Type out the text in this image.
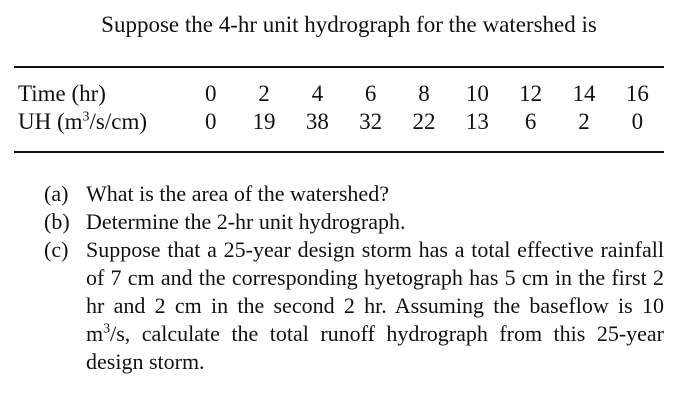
Suppose the 4-hr unit hydrograph for the watershed is

Time (hr)	0	2	4	6	8	10	12	14	16
UH $(m^3/s/cm)$	0	19	38	32	22	13	6	2	0
(a) What is the area of the watershed?
(b) Determine the 2-hr unit hydrograph.
(c) Suppose that a 25-year design storm has a total effective rainfall of 7 cm and the corresponding hyetograph has 5 cm in the first 2 hr and 2 cm in the second 2 hr. Assuming the baseflow is 10 $m^3/s$, calculate the total runoff hydrograph from this 25-year design storm.
